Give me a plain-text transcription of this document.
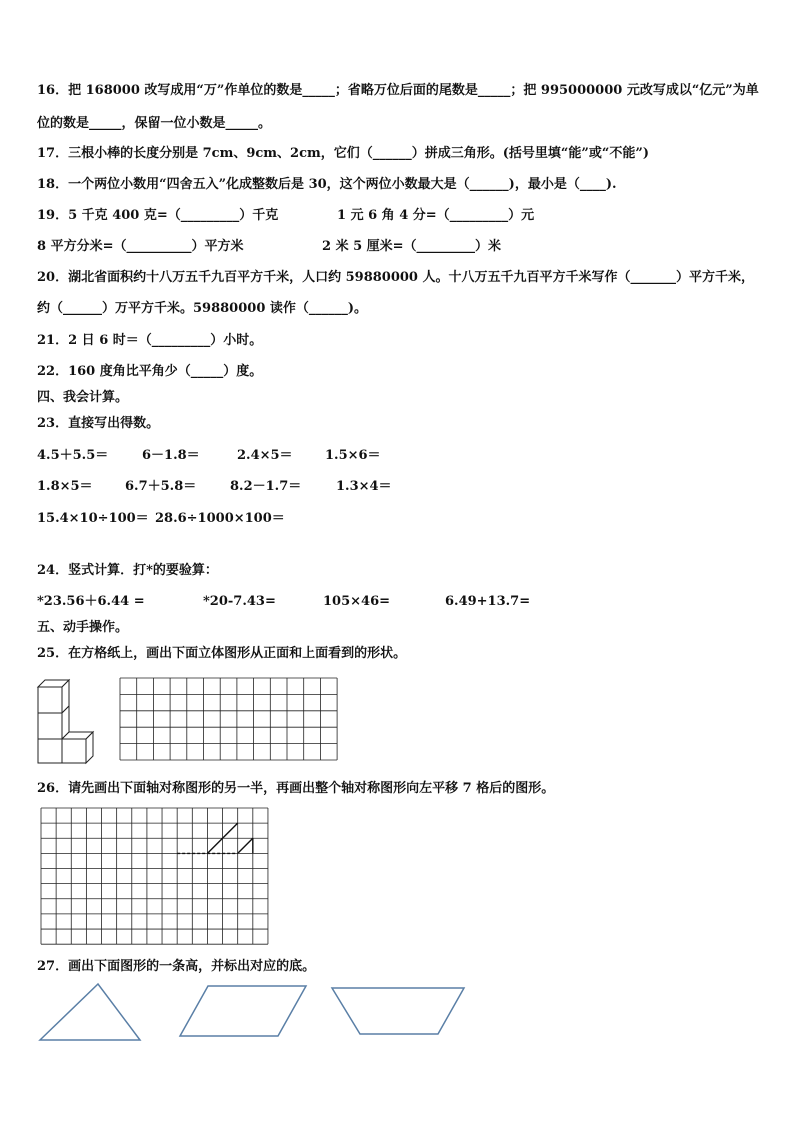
16．把 168000 改写成用“万”作单位的数是_____；省略万位后面的尾数是_____；把 995000000 元改写成以“亿元”为单
位的数是_____，保留一位小数是_____。
17．三根小棒的长度分别是 7cm、9cm、2cm，它们（______）拼成三角形。(括号里填“能”或“不能”)
18．一个两位小数用“四舍五入”化成整数后是 30，这个两位小数最大是（______)，最小是（____).
19．5 千克 400 克=（_________）千克	1 元 6 角 4 分=（_________）元
8 平方分米=（__________）平方米	2 米 5 厘米=（_________）米
20．湖北省面积约十八万五千九百平方千米，人口约 59880000 人。十八万五千九百平方千米写作（_______）平方千米，
约（______）万平方千米。59880000 读作（______)。
21．2 日 6 时＝（_________）小时。
22．160 度角比平角少（_____）度。
四、我会计算。
23．直接写出得数。
4.5＋5.5＝	6－1.8＝	2.4×5＝ 1.5×6＝
1.8×5＝ 6.7＋5.8＝	8.2－1.7＝	1.3×4＝
15.4×10÷100＝ 28.6÷1000×100＝
24．竖式计算．打*的要验算：
*23.56＋6.44 =	*20-7.43=	105×46=	6.49+13.7=
五、动手操作。
25．在方格纸上，画出下面立体图形从正面和上面看到的形状。
26．请先画出下面轴对称图形的另一半，再画出整个轴对称图形向左平移 7 格后的图形。
27．画出下面图形的一条高，并标出对应的底。
